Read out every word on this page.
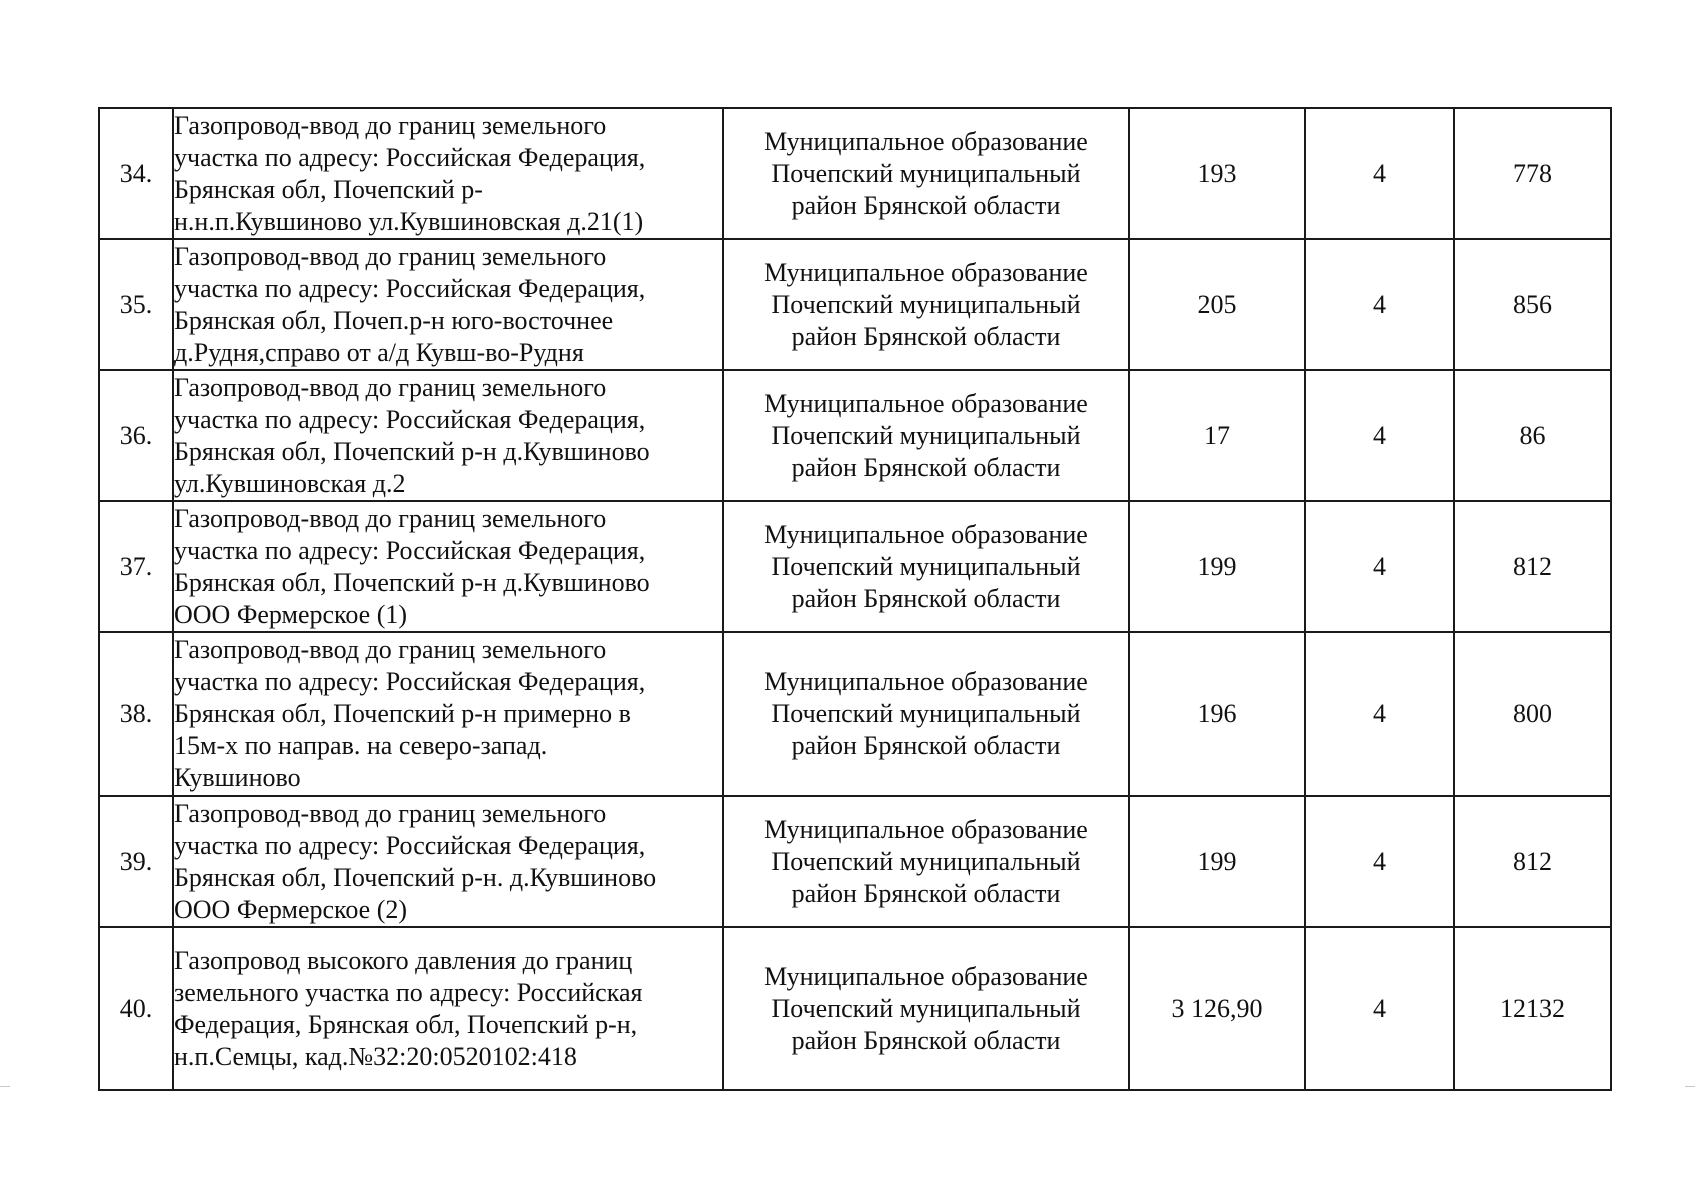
34.	Газопровод-ввод до границ земельного
участка по адресу: Российская Федерация,
Брянская обл, Почепский р-
н.н.п.Кувшиново ул.Кувшиновская д.21(1)	Муниципальное образование
Почепский муниципальный
район Брянской области	193	4	778
35.	Газопровод-ввод до границ земельного
участка по адресу: Российская Федерация,
Брянская обл, Почеп.р-н юго-восточнее
д.Рудня,справо от а/д Кувш-во-Рудня	Муниципальное образование
Почепский муниципальный
район Брянской области	205	4	856
36.	Газопровод-ввод до границ земельного
участка по адресу: Российская Федерация,
Брянская обл, Почепский р-н д.Кувшиново
ул.Кувшиновская д.2	Муниципальное образование
Почепский муниципальный
район Брянской области	17	4	86
37.	Газопровод-ввод до границ земельного
участка по адресу: Российская Федерация,
Брянская обл, Почепский р-н д.Кувшиново
ООО Фермерское (1)	Муниципальное образование
Почепский муниципальный
район Брянской области	199	4	812
38.	Газопровод-ввод до границ земельного
участка по адресу: Российская Федерация,
Брянская обл, Почепский р-н примерно в
15м-х по направ. на северо-запад.
Кувшиново	Муниципальное образование
Почепский муниципальный
район Брянской области	196	4	800
39.	Газопровод-ввод до границ земельного
участка по адресу: Российская Федерация,
Брянская обл, Почепский р-н. д.Кувшиново
ООО Фермерское (2)	Муниципальное образование
Почепский муниципальный
район Брянской области	199	4	812
40.	Газопровод высокого давления до границ
земельного участка по адресу: Российская
Федерация, Брянская обл, Почепский р-н,
н.п.Семцы, кад.№32:20:0520102:418	Муниципальное образование
Почепский муниципальный
район Брянской области	3 126,90	4	12132
